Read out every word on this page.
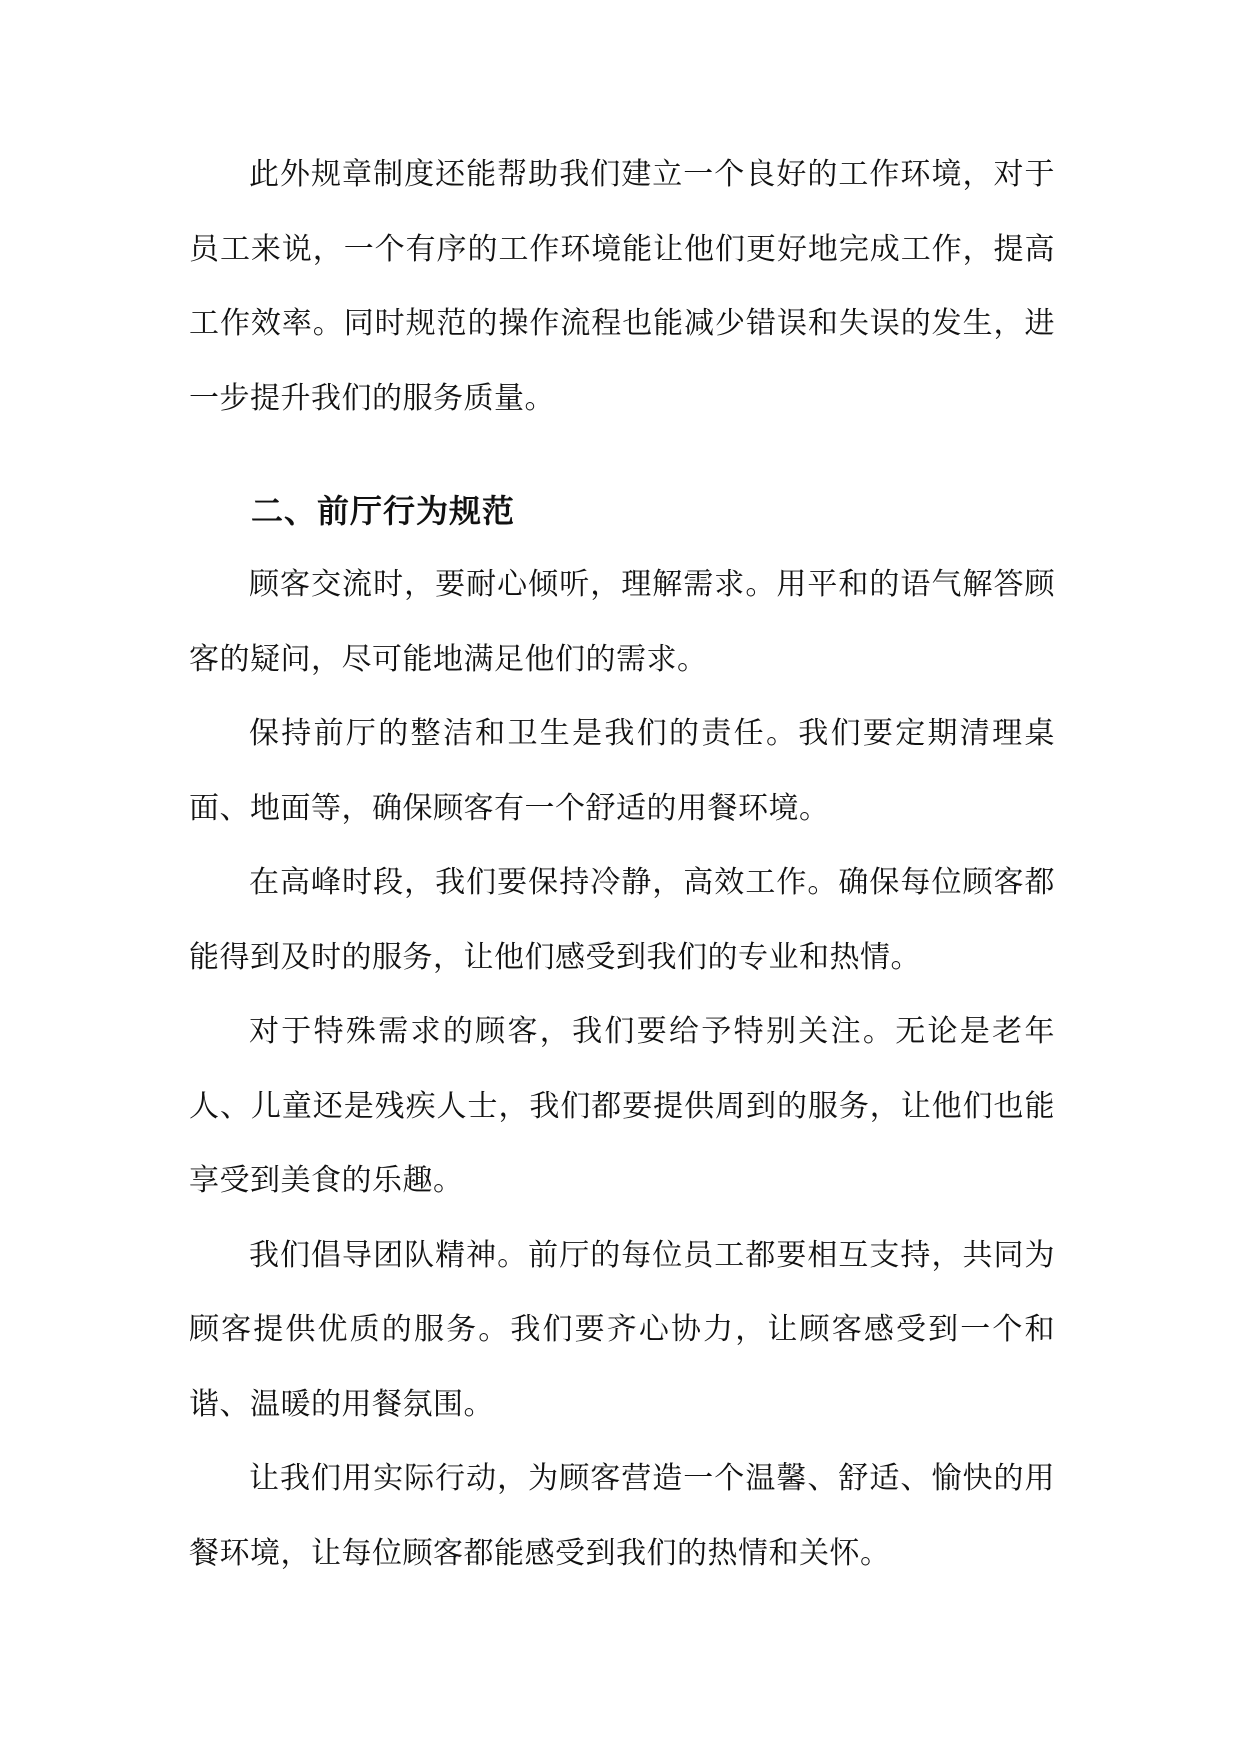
此外规章制度还能帮助我们建立一个良好的工作环境，对于员工来说，一个有序的工作环境能让他们更好地完成工作，提高工作效率。同时规范的操作流程也能减少错误和失误的发生，进一步提升我们的服务质量。

二、前厅行为规范

顾客交流时，要耐心倾听，理解需求。用平和的语气解答顾客的疑问，尽可能地满足他们的需求。

保持前厅的整洁和卫生是我们的责任。我们要定期清理桌面、地面等，确保顾客有一个舒适的用餐环境。

在高峰时段，我们要保持冷静，高效工作。确保每位顾客都能得到及时的服务，让他们感受到我们的专业和热情。

对于特殊需求的顾客，我们要给予特别关注。无论是老年人、儿童还是残疾人士，我们都要提供周到的服务，让他们也能享受到美食的乐趣。

我们倡导团队精神。前厅的每位员工都要相互支持，共同为顾客提供优质的服务。我们要齐心协力，让顾客感受到一个和谐、温暖的用餐氛围。

让我们用实际行动，为顾客营造一个温馨、舒适、愉快的用餐环境，让每位顾客都能感受到我们的热情和关怀。
